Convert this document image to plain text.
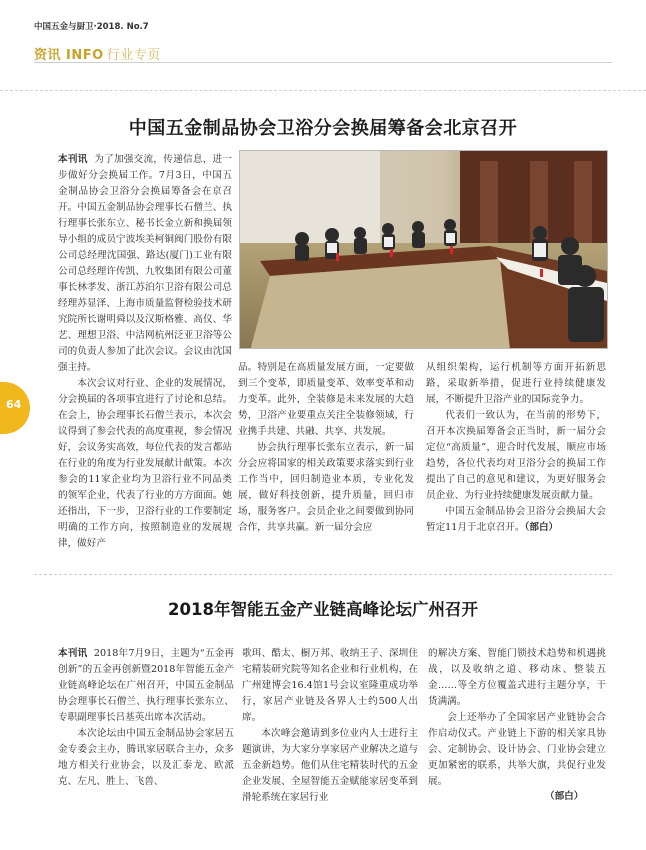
中国五金与厨卫·2018. No.7
资讯 INFO 行业专页
中国五金制品协会卫浴分会换届筹备会北京召开

本刊讯 为了加强交流，传递信息，进一步做好分会换届工作。7月3日，中国五金制品协会卫浴分会换届筹备会在京召开。中国五金制品协会理事长石僧兰、执行理事长张东立、秘书长金立新和换届领导小组的成员宁波埃美柯铜阀门股份有限公司总经理沈国强、路达(厦门)工业有限公司总经理许传凯、九牧集团有限公司董事长林孝发、浙江苏泊尔卫浴有限公司总经理苏显泽、上海市质量监督检验技术研究院所长谢明舜以及汉斯格雅、高仪、华艺、理想卫浴、中洁网杭州泛亚卫浴等公司的负责人参加了此次会议。会议由沈国强主持。

本次会议对行业、企业的发展情况，分会换届的各项事宜进行了讨论和总结。在会上，协会理事长石僧兰表示，本次会议得到了参会代表的高度重视，参会情况好，会议务实高效，每位代表的发言都站在行业的角度为行业发展献计献策。本次参会的11家企业均为卫浴行业不同品类的领军企业，代表了行业的方方面面。她还指出，下一步，卫浴行业的工作要制定明确的工作方向，按照制造业的发展规律，做好产

品。特别是在高质量发展方面，一定要做到三个变革，即质量变革、效率变革和动力变革。此外，全装修是未来发展的大趋势，卫浴产业要重点关注全装修领域，行业携手共建、共融、共享、共发展。

协会执行理事长张东立表示，新一届分会应将国家的相关政策要求落实到行业工作当中，回归制造业本质，专业化发展，做好科技创新，提升质量，回归市场，服务客户。会员企业之间要做到协同合作，共享共赢。新一届分会应

从组织架构，运行机制等方面开拓新思路，采取新举措，促进行业持续健康发展，不断提升卫浴产业的国际竞争力。

代表们一致认为，在当前的形势下，召开本次换届筹备会正当时，新一届分会定位“高质量”，迎合时代发展，顺应市场趋势，各位代表均对卫浴分会的换届工作提出了自己的意见和建议，为更好服务会员企业、为行业持续健康发展贡献力量。

中国五金制品协会卫浴分会换届大会暂定11月于北京召开。（部白）

64
2018年智能五金产业链高峰论坛广州召开

本刊讯 2018年7月9日，主题为“五金再创新”的五金再创新暨2018年智能五金产业链高峰论坛在广州召开，中国五金制品协会理事长石僧兰、执行理事长张东立、专职副理事长吕基英出席本次活动。

本次论坛由中国五金制品协会家居五金专委会主办，腾讯家居联合主办，众多地方相关行业协会，以及汇泰龙、欧派克、左凡、胜上、飞兽、

歌珥、酷太、橱万邦、收纳王子、深圳住宅精装研究院等知名企业和行业机构，在广州建博会16.4馆1号会议室隆重成功举行，家居产业链及各界人士约500人出席。

本次峰会邀请到多位业内人士进行主题演讲，为大家分享家居产业解决之道与五金新趋势。他们从住宅精装时代的五金企业发展、全屋智能五金赋能家居变革到滑轮系统在家居行业

的解决方案、智能门锁技术趋势和机遇挑战，以及收纳之道、移动床、整装五金……等全方位覆盖式进行主题分享，干货满满。

会上还举办了全国家居产业链协会合作启动仪式。产业链上下游的相关家具协会、定制协会、设计协会、门业协会建立更加紧密的联系，共举大旗，共促行业发展。

（部白）
